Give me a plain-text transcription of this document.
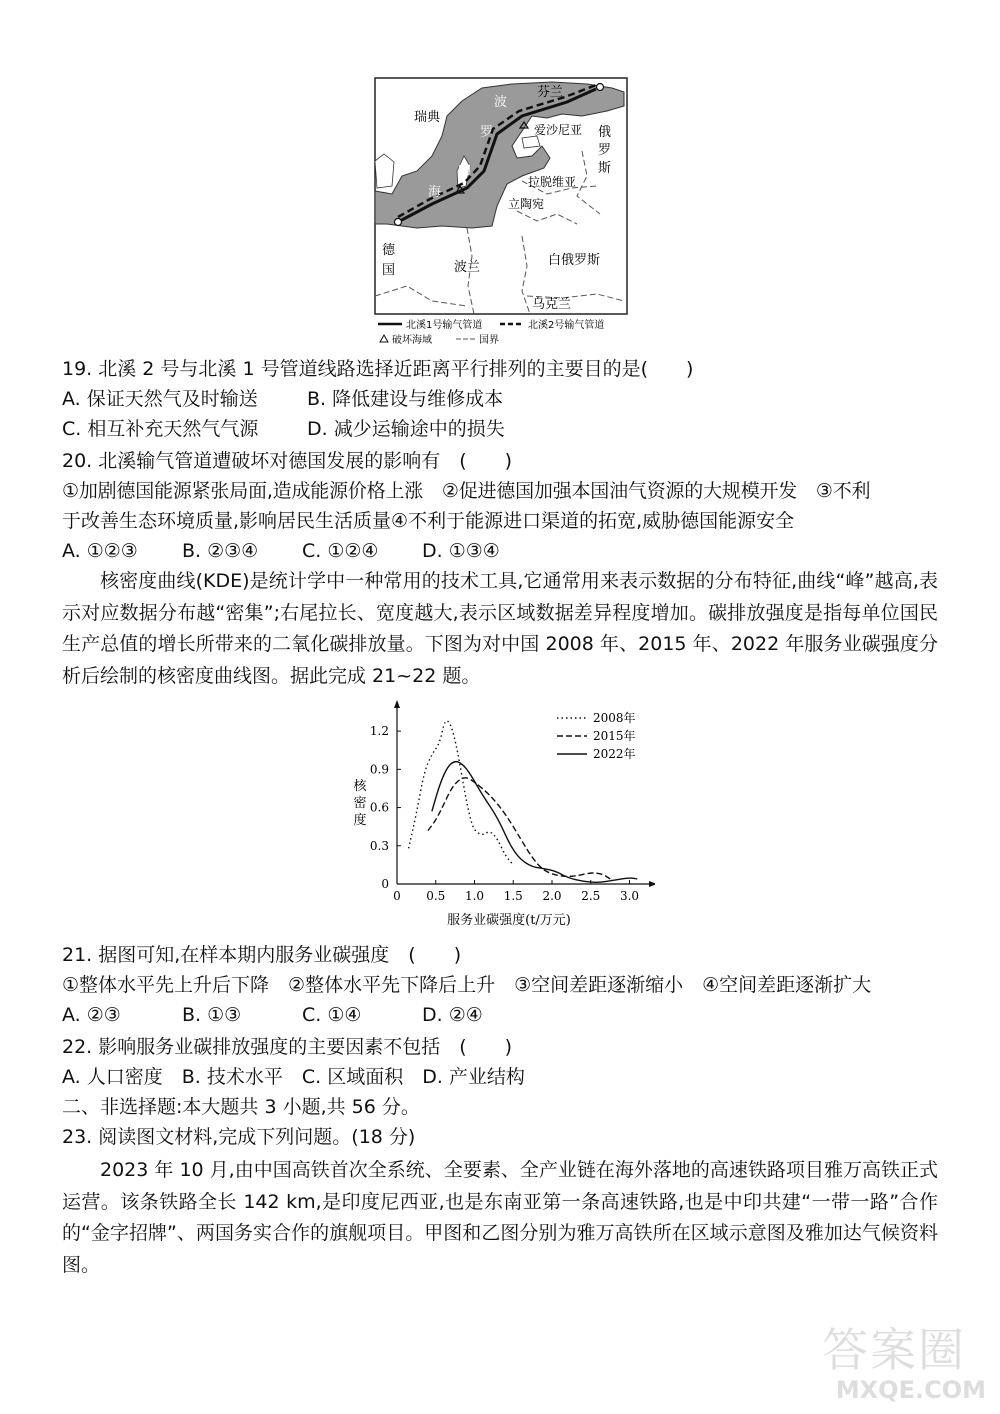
芬兰
瑞典
爱沙尼亚 俄
罗
斯
拉脱维亚
立陶宛
德
国	波兰	白俄罗斯
乌克兰
波
罗
的
海
北溪1号输气管道	北溪2号输气管道
破坏海域	国界
19. 北溪 2 号与北溪 1 号管道线路选择近距离平行排列的主要目的是(　　)
A. 保证天然气及时输送	B. 降低建设与维修成本
C. 相互补充天然气气源	D. 减少运输途中的损失
20. 北溪输气管道遭破坏对德国发展的影响有　(　　)
①加剧德国能源紧张局面,造成能源价格上涨　②促进德国加强本国油气资源的大规模开发　③不利
于改善生态环境质量,影响居民生活质量④不利于能源进口渠道的拓宽,威胁德国能源安全
A. ①②③ B. ②③④ C. ①②④ D. ①③④
核密度曲线(KDE)是统计学中一种常用的技术工具,它通常用来表示数据的分布特征,曲线“峰”越高,表示对应数据分布越“密集”;右尾拉长、宽度越大,表示区域数据差异程度增加。碳排放强度是指每单位国民生产总值的增长所带来的二氧化碳排放量。下图为对中国 2008 年、2015 年、2022 年服务业碳强度分析后绘制的核密度曲线图。据此完成 21~22 题。
0 0.5 1.0 1.5 2.0 2.5 3.0
0
0.3
0.6
0.9
1.2
服务业碳强度(t/万元)
核密度
2008年
2015年
2022年
21. 据图可知,在样本期内服务业碳强度　(　　)
①整体水平先上升后下降　②整体水平先下降后上升　③空间差距逐渐缩小　④空间差距逐渐扩大
A. ②③	B. ①③	C. ①④	D. ②④
22. 影响服务业碳排放强度的主要因素不包括　(　　)
A. 人口密度　B. 技术水平　C. 区域面积　D. 产业结构
二、非选择题:本大题共 3 小题,共 56 分。
23. 阅读图文材料,完成下列问题。(18 分)
2023 年 10 月,由中国高铁首次全系统、全要素、全产业链在海外落地的高速铁路项目雅万高铁正式运营。该条铁路全长 142 km,是印度尼西亚,也是东南亚第一条高速铁路,也是中印共建“一带一路”合作的“金字招牌”、两国务实合作的旗舰项目。甲图和乙图分别为雅万高铁所在区域示意图及雅加达气候资料图。
答案圈
MXQE.COM
